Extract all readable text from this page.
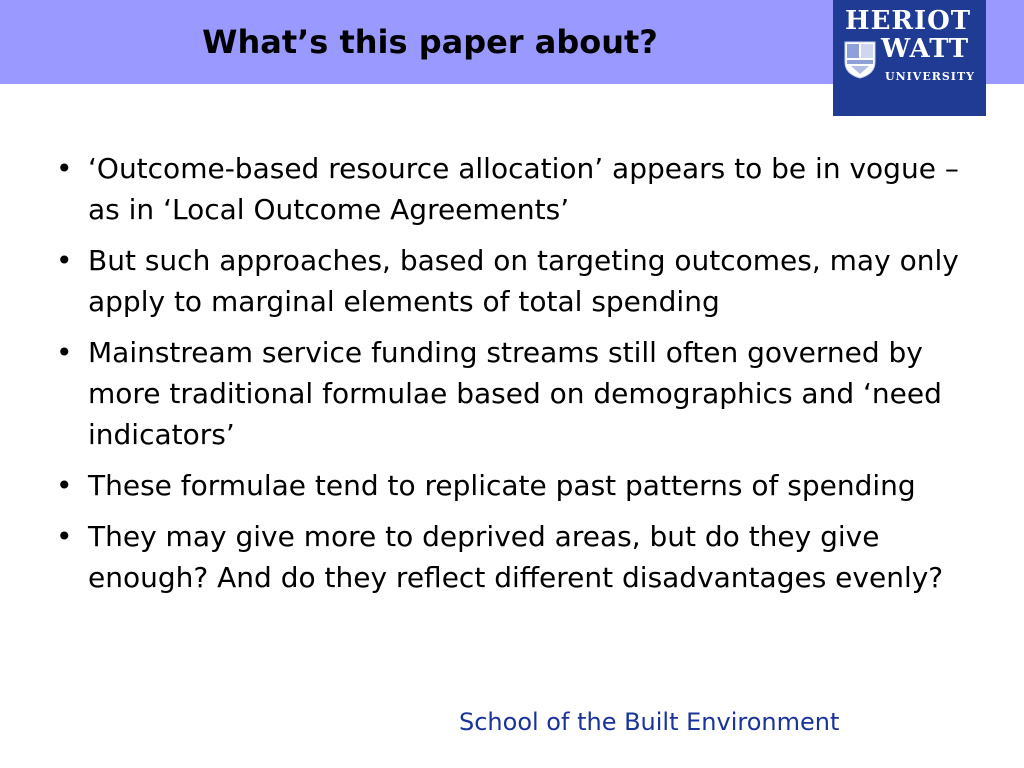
What’s this paper about?
HERIOT
WATT
UNIVERSITY
• ‘Outcome-based resource allocation’ appears to be in vogue – as in ‘Local Outcome Agreements’
• But such approaches, based on targeting outcomes, may only apply to marginal elements of total spending
• Mainstream service funding streams still often governed by more traditional formulae based on demographics and ‘need indicators’
• These formulae tend to replicate past patterns of spending
• They may give more to deprived areas, but do they give enough? And do they reflect different disadvantages evenly?
School of the Built Environment
